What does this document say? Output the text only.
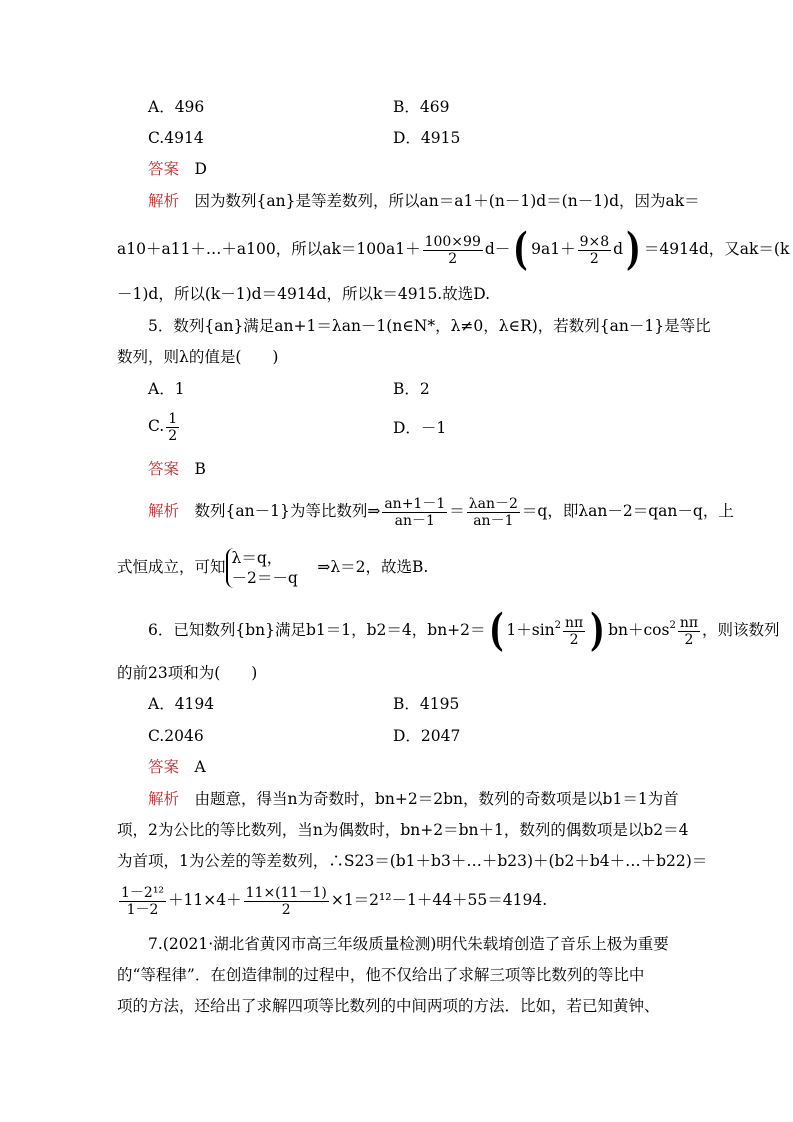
A．496	B．469
C.4914	D．4915
答案　 D
解析　 因为数列{an}是等差数列，所以an＝a1＋(n－1)d＝(n－1)d，因为ak＝
a10＋a11＋…＋a100，所以$ak=100a1+ \frac{100\times 99}{2} d-$( $9a1+ \frac{9\times 8}{2} d) =4914d$，又ak＝(k
－1)d，所以(k－1)d＝4914d，所以k＝4915.故选D.
5．数列{an}满足an+1＝λan－1(n∈N*，λ≠0，λ∈R)，若数列{an－1}是等比
数列，则λ的值是(　　)
A．1	B．2
C. $\frac{1}{2}$	D．－1
答案　 B
解析　 数列{an－1}为等比数列⇒ $\frac{an+1-1}{an-1} = \frac{\text{λan－2}}{an-1} =q$，即λan－2＝qan－q，上
式恒成立，可知 λ＝q，
－2＝－q
　⇒λ＝2，故选B.
6．已知数列{bn}满足b1＝1，b2＝4，bn+2＝( $1+\sin^2 \frac{n\pi}{2}$ ) $bn+\cos^2 \frac{n\pi}{2}$ ，则该数列
的前23项和为(　　)
A．4194	B．4195
C.2046	D．2047
答案　 A
解析　 由题意，得当n为奇数时，bn+2＝2bn，数列的奇数项是以b1＝1为首
项，2为公比的等比数列，当n为偶数时，bn+2＝bn＋1，数列的偶数项是以b2＝4
为首项，1为公差的等差数列，∴S23＝(b1＋b3＋…＋b23)＋(b2＋b4＋…＋b22)＝
$\frac{\text{1－2¹²}}{1-2} +11\times 4+ \frac{11\times(11-1)}{2} \times 1=2^{12}-1+44+55=4194$.
7.(2021·湖北省黄冈市高三年级质量检测)明代朱载堉创造了音乐上极为重要
的“等程律”．在创造律制的过程中，他不仅给出了求解三项等比数列的等比中
项的方法，还给出了求解四项等比数列的中间两项的方法．比如，若已知黄钟、
